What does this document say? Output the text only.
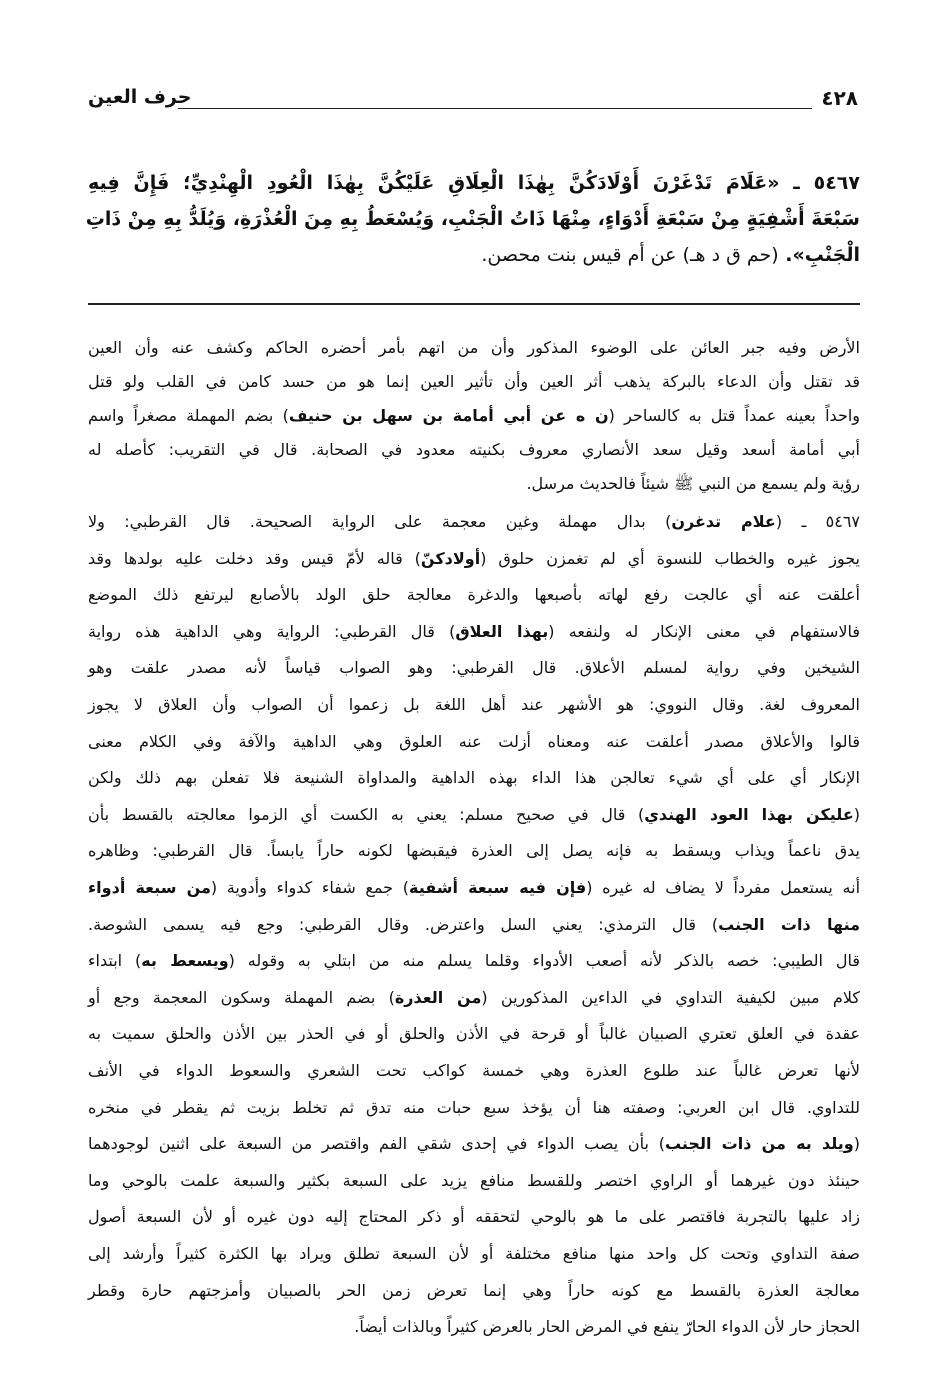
٤٢٨
حرف العين
٥٤٦٧ ـ «عَلَامَ تَدْغَرْنَ أَوْلَادَكُنَّ بِهٰذَا الْعِلَاقِ عَلَيْكُنَّ بِهٰذَا الْعُودِ الْهِنْدِيِّ؛ فَإِنَّ فِيهِ
سَبْعَةَ أَشْفِيَةٍ مِنْ سَبْعَةِ أَدْوَاءٍ، مِنْهَا ذَاتُ الْجَنْبِ، وَيُسْعَطُ بِهِ مِنَ الْعُذْرَةِ، وَيُلَدُّ بِهِ مِنْ ذَاتِ
الْجَنْبِ». (حم ق د هـ) عن أم قيس بنت محصن.
الأرض وفيه جبر العائن على الوضوء المذكور وأن من اتهم بأمر أحضره الحاكم وكشف عنه وأن العين
قد تقتل وأن الدعاء بالبركة يذهب أثر العين وأن تأثير العين إنما هو من حسد كامن في القلب ولو قتل
واحداً بعينه عمداً قتل به كالساحر (ن ه عن أبي أمامة بن سهل بن حنيف) بضم المهملة مصغراً واسم
أبي أمامة أسعد وقيل سعد الأنصاري معروف بكنيته معدود في الصحابة. قال في التقريب: كأصله له
رؤية ولم يسمع من النبي ﷺ شيئاً فالحديث مرسل.
٥٤٦٧ ـ (علام تدغرن) بدال مهملة وغين معجمة على الرواية الصحيحة. قال القرطبي: ولا
يجوز غيره والخطاب للنسوة أي لم تغمزن حلوق (أولادكنّ) قاله لأمّ قيس وقد دخلت عليه بولدها وقد
أعلقت عنه أي عالجت رفع لهاته بأصبعها والدغرة معالجة حلق الولد بالأصابع ليرتفع ذلك الموضع
فالاستفهام في معنى الإنكار له ولنفعه (بهذا العلاق) قال القرطبي: الرواية وهي الداهية هذه رواية
الشيخين وفي رواية لمسلم الأعلاق. قال القرطبي: وهو الصواب قياساً لأنه مصدر علقت وهو
المعروف لغة. وقال النووي: هو الأشهر عند أهل اللغة بل زعموا أن الصواب وأن العلاق لا يجوز
قالوا والأعلاق مصدر أعلقت عنه ومعناه أزلت عنه العلوق وهي الداهية والآفة وفي الكلام معنى
الإنكار أي على أي شيء تعالجن هذا الداء بهذه الداهية والمداواة الشنيعة فلا تفعلن بهم ذلك ولكن
(عليكن بهذا العود الهندي) قال في صحيح مسلم: يعني به الكست أي الزموا معالجته بالقسط بأن
يدق ناعماً ويذاب ويسقط به فإنه يصل إلى العذرة فيقبضها لكونه حاراً يابساً. قال القرطبي: وظاهره
أنه يستعمل مفرداً لا يضاف له غيره (فإن فيه سبعة أشفية) جمع شفاء كدواء وأدوية (من سبعة أدواء
منها ذات الجنب) قال الترمذي: يعني السل واعترض. وقال القرطبي: وجع فيه يسمى الشوصة.
قال الطيبي: خصه بالذكر لأنه أصعب الأدواء وقلما يسلم منه من ابتلي به وقوله (ويسعط به) ابتداء
كلام مبين لكيفية التداوي في الداءين المذكورين (من العذرة) بضم المهملة وسكون المعجمة وجع أو
عقدة في العلق تعتري الصبيان غالباً أو قرحة في الأذن والحلق أو في الحذر بين الأذن والحلق سميت به
لأنها تعرض غالباً عند طلوع العذرة وهي خمسة كواكب تحت الشعري والسعوط الدواء في الأنف
للتداوي. قال ابن العربي: وصفته هنا أن يؤخذ سبع حبات منه تدق ثم تخلط بزيت ثم يقطر في منخره
(ويلد به من ذات الجنب) بأن يصب الدواء في إحدى شقي الفم واقتصر من السبعة على اثنين لوجودهما
حينئذ دون غيرهما أو الراوي اختصر وللقسط منافع يزيد على السبعة بكثير والسبعة علمت بالوحي وما
زاد عليها بالتجربة فاقتصر على ما هو بالوحي لتحققه أو ذكر المحتاج إليه دون غيره أو لأن السبعة أصول
صفة التداوي وتحت كل واحد منها منافع مختلفة أو لأن السبعة تطلق ويراد بها الكثرة كثيراً وأرشد إلى
معالجة العذرة بالقسط مع كونه حاراً وهي إنما تعرض زمن الحر بالصبيان وأمزجتهم حارة وقطر
الحجاز حار لأن الدواء الحارّ ينفع في المرض الحار بالعرض كثيراً وبالذات أيضاً.
